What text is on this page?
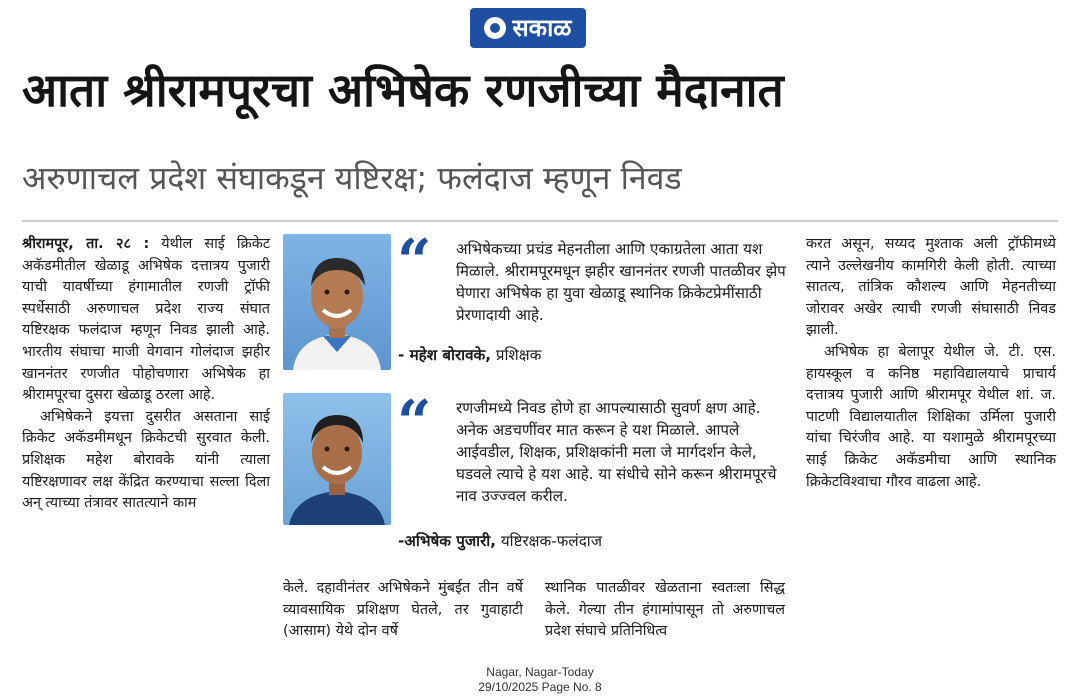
सकाळ
आता श्रीरामपूरचा अभिषेक रणजीच्या मैदानात
अरुणाचल प्रदेश संघाकडून यष्टिरक्ष; फलंदाज म्हणून निवड

श्रीरामपूर, ता. २८ : येथील साई क्रिकेट अकॅडमीतील खेळाडू अभिषेक दत्तात्रय पुजारी याची यावर्षीच्या हंगामातील रणजी ट्रॉफी स्पर्धेसाठी अरुणाचल प्रदेश राज्य संघात यष्टिरक्षक फलंदाज म्हणून निवड झाली आहे. भारतीय संघाचा माजी वेगवान गोलंदाज झहीर खाननंतर रणजीत पोहोचणारा अभिषेक हा श्रीरामपूरचा दुसरा खेळाडू ठरला आहे.

अभिषेकने इयत्ता दुसरीत असताना साई क्रिकेट अकॅडमीमधून क्रिकेटची सुरवात केली. प्रशिक्षक महेश बोरावके यांनी त्याला यष्टिरक्षणावर लक्ष केंद्रित करण्याचा सल्ला दिला अन् त्याच्या तंत्रावर सातत्याने काम

“ अभिषेकच्या प्रचंड मेहनतीला आणि एकाग्रतेला आता यश मिळाले. श्रीरामपूरमधून झहीर खाननंतर रणजी पातळीवर झेप घेणारा अभिषेक हा युवा खेळाडू स्थानिक क्रिकेटप्रेमींसाठी प्रेरणादायी आहे.
- महेश बोरावके, प्रशिक्षक
“ रणजीमध्ये निवड होणे हा आपल्यासाठी सुवर्ण क्षण आहे. अनेक अडचणींवर मात करून हे यश मिळाले. आपले आईवडील, शिक्षक, प्रशिक्षकांनी मला जे मार्गदर्शन केले, घडवले त्याचे हे यश आहे. या संधीचे सोने करून श्रीरामपूरचे नाव उज्ज्वल करील.
-अभिषेक पुजारी, यष्टिरक्षक-फलंदाज

केले. दहावीनंतर अभिषेकने मुंबईत तीन वर्षे व्यावसायिक प्रशिक्षण घेतले, तर गुवाहाटी (आसाम) येथे दोन वर्षे

स्थानिक पातळीवर खेळताना स्वतःला सिद्ध केले. गेल्या तीन हंगामांपासून तो अरुणाचल प्रदेश संघाचे प्रतिनिधित्व

करत असून, सय्यद मुश्ताक अली ट्रॉफीमध्ये त्याने उल्लेखनीय कामगिरी केली होती. त्याच्या सातत्य, तांत्रिक कौशल्य आणि मेहनतीच्या जोरावर अखेर त्याची रणजी संघासाठी निवड झाली.

अभिषेक हा बेलापूर येथील जे. टी. एस. हायस्कूल व कनिष्ठ महाविद्यालयाचे प्राचार्य दत्तात्रय पुजारी आणि श्रीरामपूर येथील शां. ज. पाटणी विद्यालयातील शिक्षिका उर्मिला पुजारी यांचा चिरंजीव आहे. या यशामुळे श्रीरामपूरच्या साई क्रिकेट अकॅडमीचा आणि स्थानिक क्रिकेटविश्वाचा गौरव वाढला आहे.

Nagar, Nagar-Today
29/10/2025 Page No. 8
